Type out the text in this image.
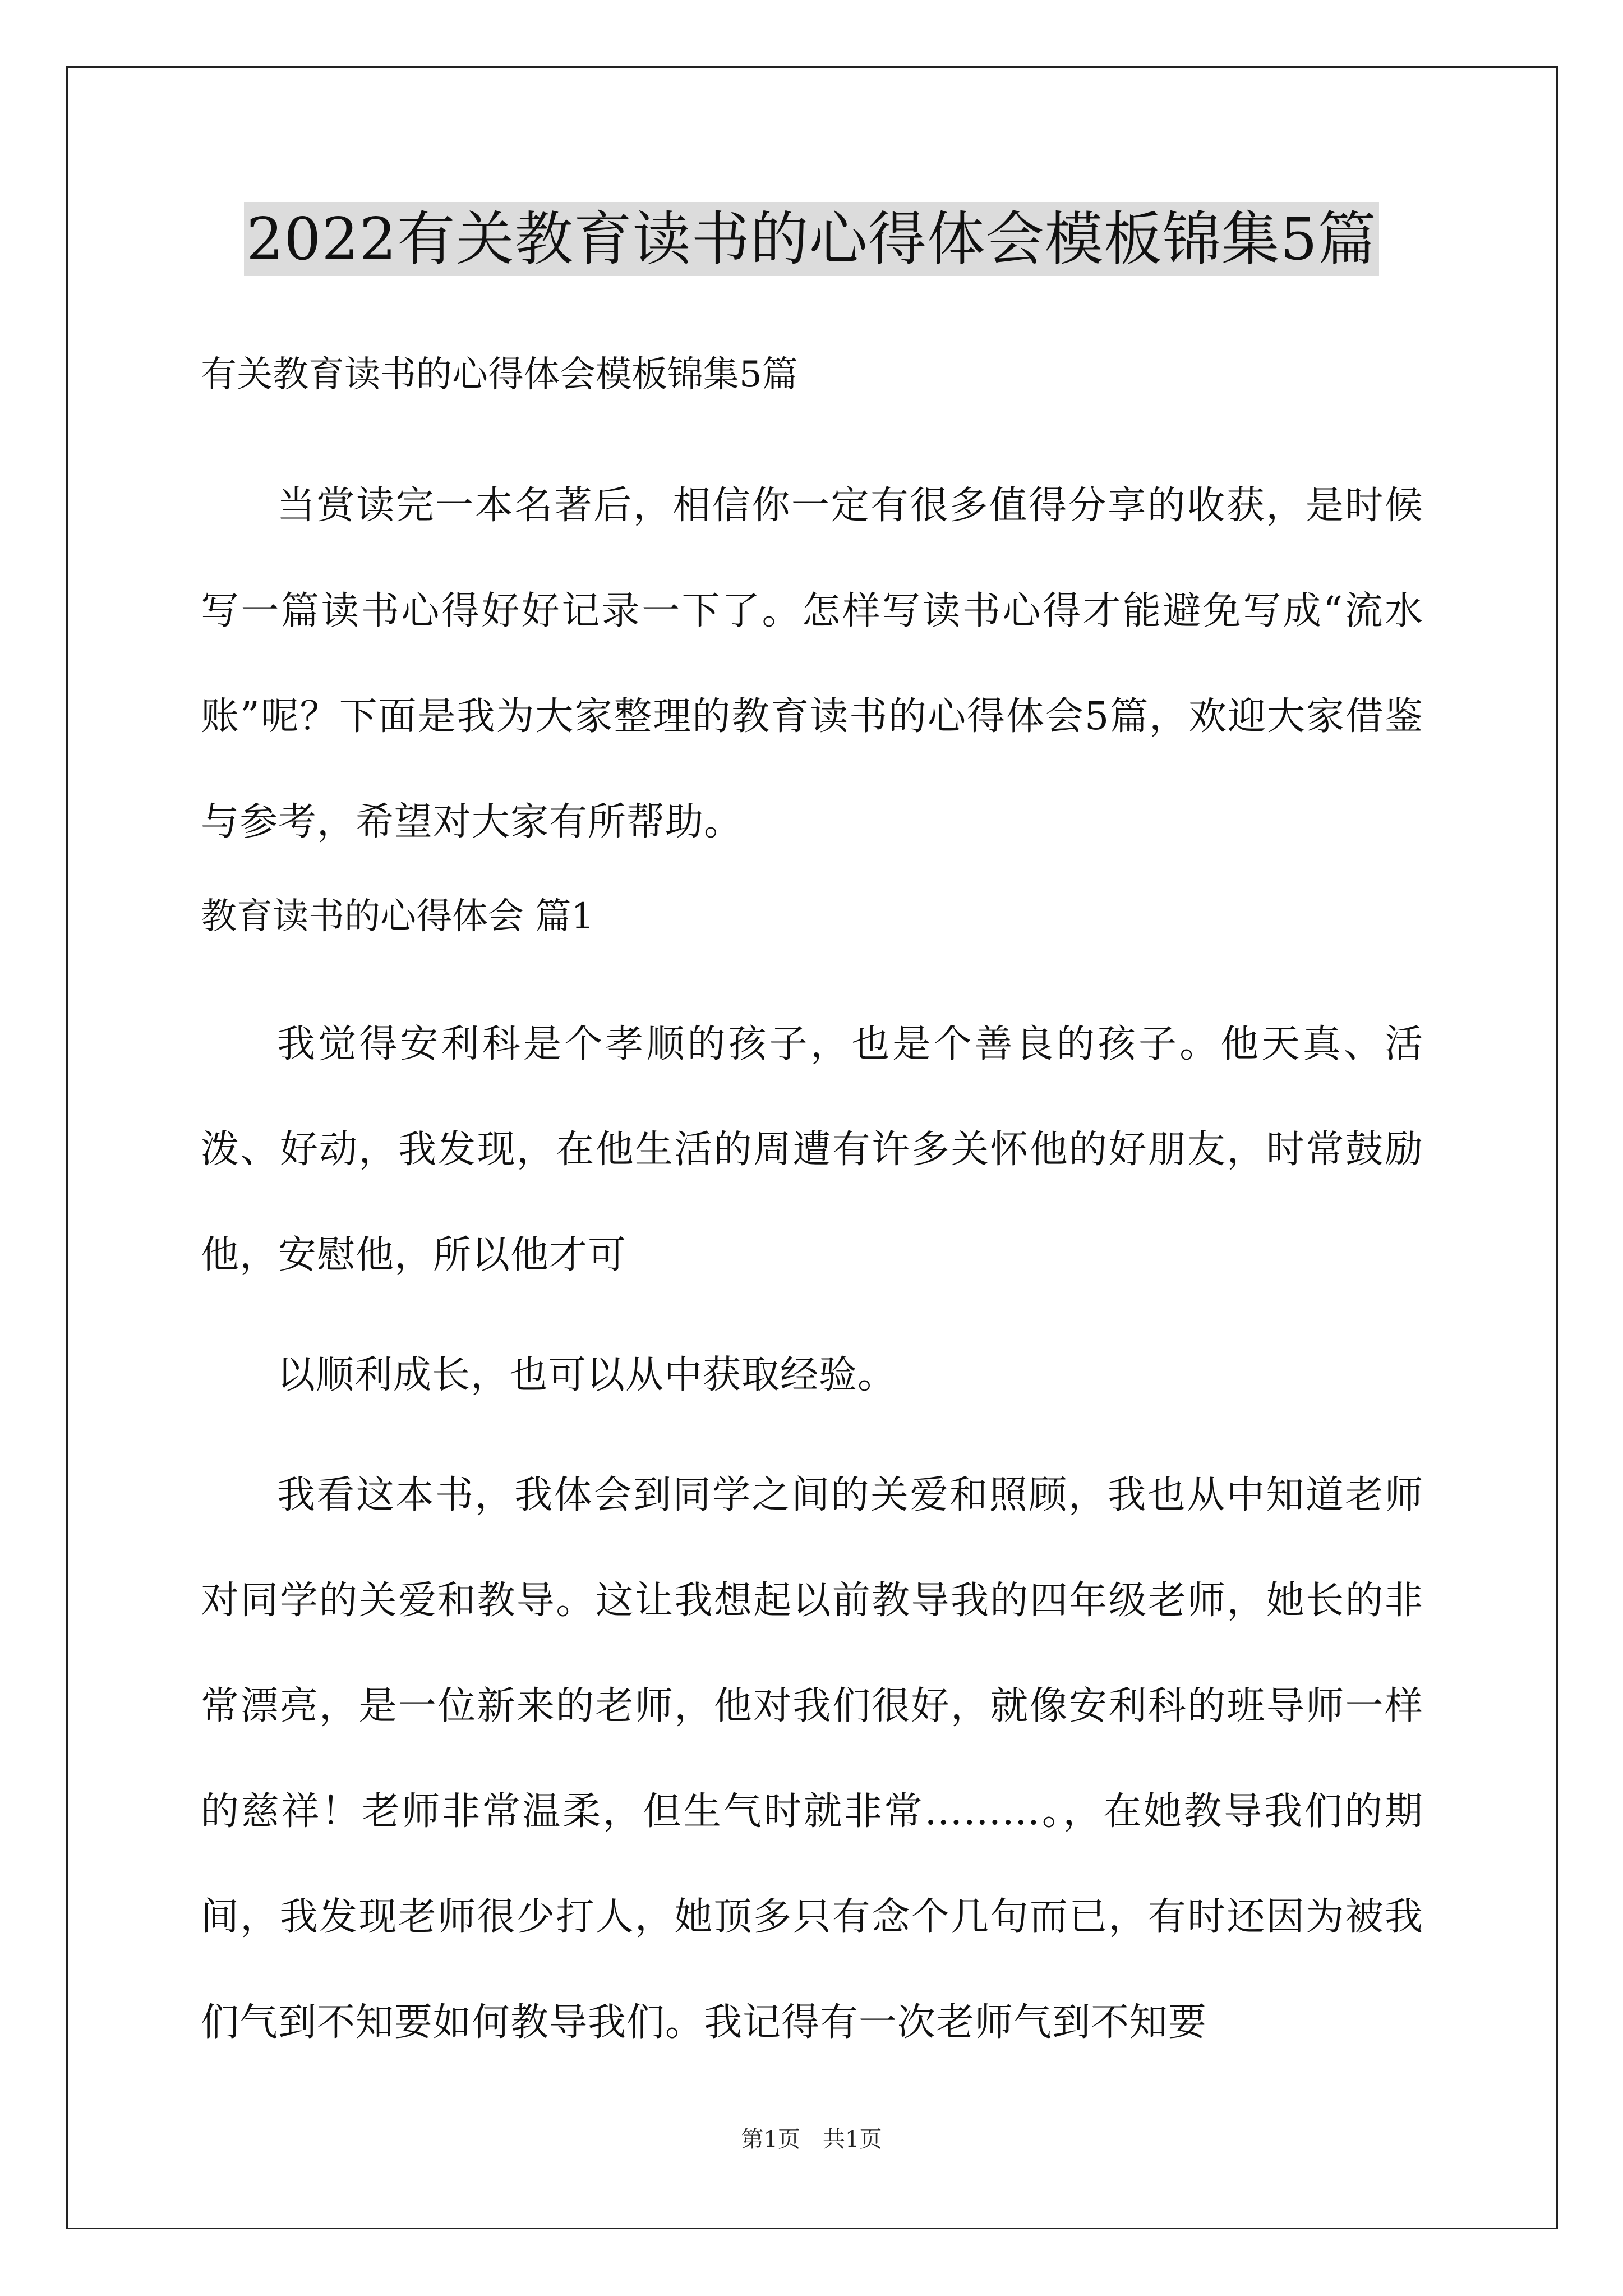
2022有关教育读书的心得体会模板锦集5篇
有关教育读书的心得体会模板锦集5篇

当赏读完一本名著后，相信你一定有很多值得分享的收获，是时候写一篇读书心得好好记录一下了。怎样写读书心得才能避免写成“流水账”呢？下面是我为大家整理的教育读书的心得体会5篇，欢迎大家借鉴与参考，希望对大家有所帮助。

教育读书的心得体会 篇1

我觉得安利科是个孝顺的孩子，也是个善良的孩子。他天真、活泼、好动，我发现，在他生活的周遭有许多关怀他的好朋友，时常鼓励他，安慰他，所以他才可

以顺利成长，也可以从中获取经验。

我看这本书，我体会到同学之间的关爱和照顾，我也从中知道老师对同学的关爱和教导。这让我想起以前教导我的四年级老师，她长的非常漂亮，是一位新来的老师，他对我们很好，就像安利科的班导师一样的慈祥！老师非常温柔，但生气时就非常………。，在她教导我们的期间，我发现老师很少打人，她顶多只有念个几句而已，有时还因为被我们气到不知要如何教导我们。我记得有一次老师气到不知要

第1页　共1页
